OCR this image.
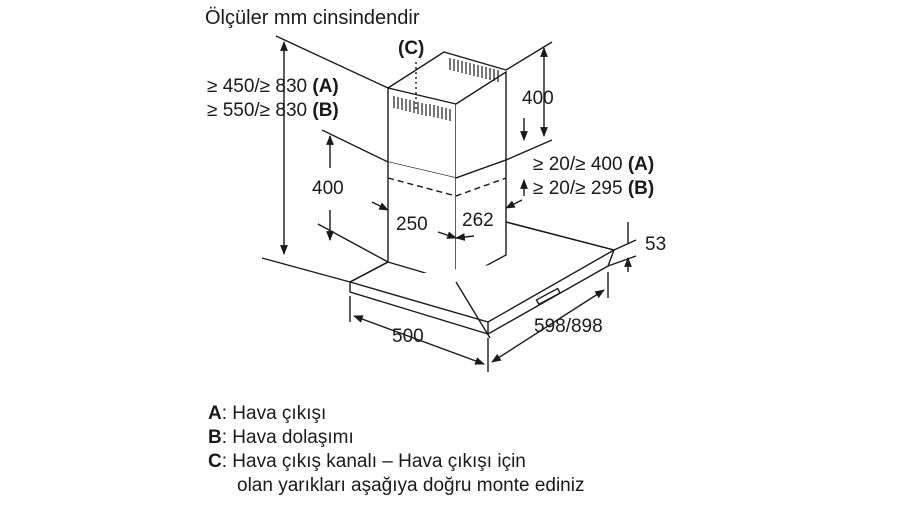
Ölçüler mm cinsindendir
≥ 450/≥ 830 (A)
≥ 550/≥ 830 (B)
(C)
400
400
250 262
≥ 20/≥ 400 (A)
≥ 20/≥ 295 (B)
53
500	598/898
A: Hava çıkışı
B: Hava dolaşımı
C: Hava çıkış kanalı – Hava çıkışı için
olan yarıkları aşağıya doğru monte ediniz
